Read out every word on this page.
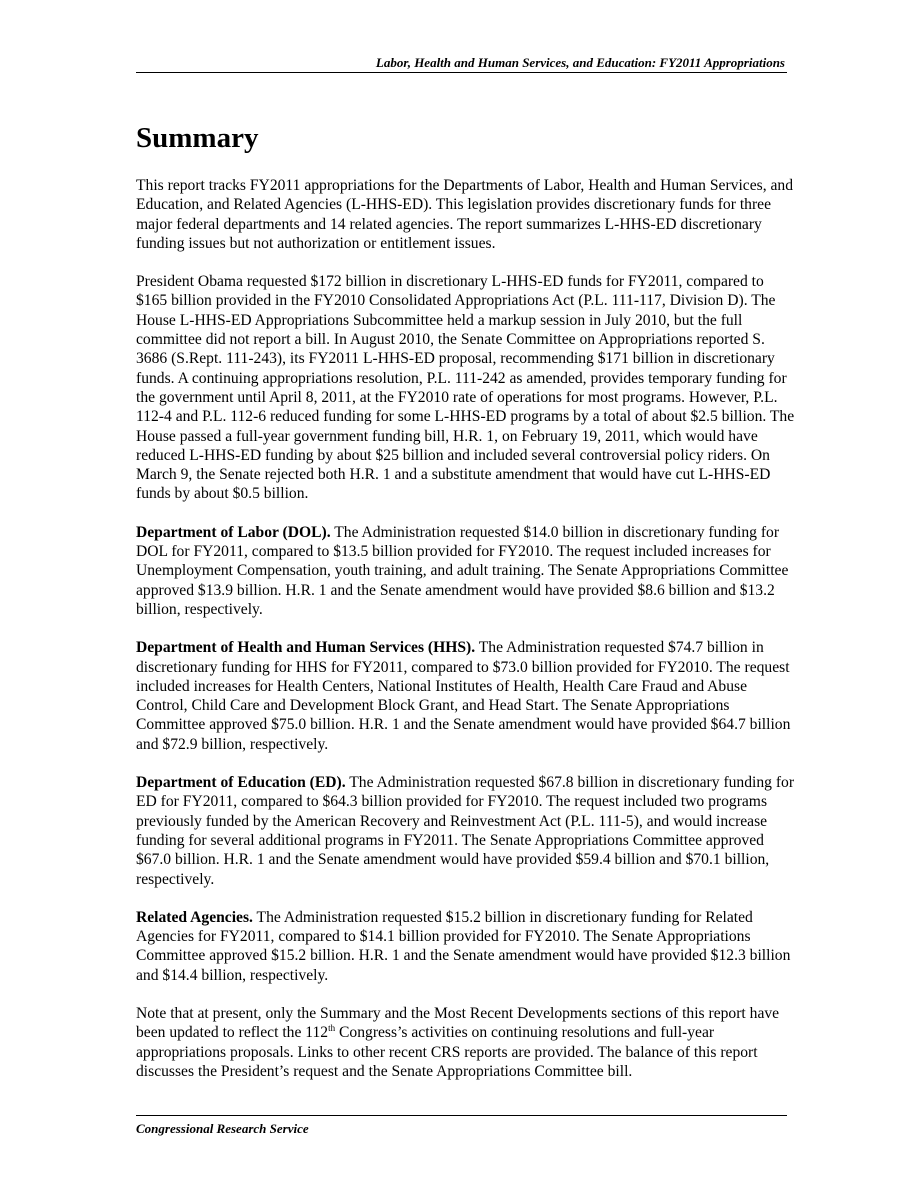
Labor, Health and Human Services, and Education: FY2011 Appropriations
Summary

This report tracks FY2011 appropriations for the Departments of Labor, Health and Human Services, and Education, and Related Agencies (L-HHS-ED). This legislation provides discretionary funds for three major federal departments and 14 related agencies. The report summarizes L-HHS-ED discretionary funding issues but not authorization or entitlement issues.

President Obama requested $172 billion in discretionary L-HHS-ED funds for FY2011, compared to $165 billion provided in the FY2010 Consolidated Appropriations Act (P.L. 111-117, Division D). The House L-HHS-ED Appropriations Subcommittee held a markup session in July 2010, but the full committee did not report a bill. In August 2010, the Senate Committee on Appropriations reported S. 3686 (S.Rept. 111-243), its FY2011 L-HHS-ED proposal, recommending $171 billion in discretionary funds. A continuing appropriations resolution, P.L. 111-242 as amended, provides temporary funding for the government until April 8, 2011, at the FY2010 rate of operations for most programs. However, P.L. 112-4 and P.L. 112-6 reduced funding for some L-HHS-ED programs by a total of about $2.5 billion. The House passed a full-year government funding bill, H.R. 1, on February 19, 2011, which would have reduced L-HHS-ED funding by about $25 billion and included several controversial policy riders. On March 9, the Senate rejected both H.R. 1 and a substitute amendment that would have cut L-HHS-ED funds by about $0.5 billion.

Department of Labor (DOL). The Administration requested $14.0 billion in discretionary funding for DOL for FY2011, compared to $13.5 billion provided for FY2010. The request included increases for Unemployment Compensation, youth training, and adult training. The Senate Appropriations Committee approved $13.9 billion. H.R. 1 and the Senate amendment would have provided $8.6 billion and $13.2 billion, respectively.

Department of Health and Human Services (HHS). The Administration requested $74.7 billion in discretionary funding for HHS for FY2011, compared to $73.0 billion provided for FY2010. The request included increases for Health Centers, National Institutes of Health, Health Care Fraud and Abuse Control, Child Care and Development Block Grant, and Head Start. The Senate Appropriations Committee approved $75.0 billion. H.R. 1 and the Senate amendment would have provided $64.7 billion and $72.9 billion, respectively.

Department of Education (ED). The Administration requested $67.8 billion in discretionary funding for ED for FY2011, compared to $64.3 billion provided for FY2010. The request included two programs previously funded by the American Recovery and Reinvestment Act (P.L. 111-5), and would increase funding for several additional programs in FY2011. The Senate Appropriations Committee approved $67.0 billion. H.R. 1 and the Senate amendment would have provided $59.4 billion and $70.1 billion, respectively.

Related Agencies. The Administration requested $15.2 billion in discretionary funding for Related Agencies for FY2011, compared to $14.1 billion provided for FY2010. The Senate Appropriations Committee approved $15.2 billion. H.R. 1 and the Senate amendment would have provided $12.3 billion and $14.4 billion, respectively.

Note that at present, only the Summary and the Most Recent Developments sections of this report have been updated to reflect the 112th Congress’s activities on continuing resolutions and full-year appropriations proposals. Links to other recent CRS reports are provided. The balance of this report discusses the President’s request and the Senate Appropriations Committee bill.

Congressional Research Service
